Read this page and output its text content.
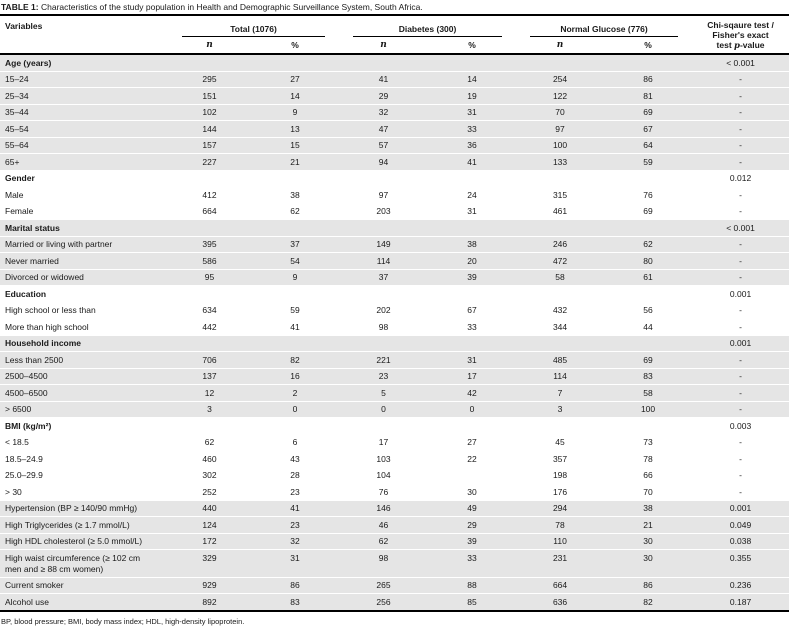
TABLE 1: Characteristics of the study population in Health and Demographic Surveillance System, South Africa.
Variables	Total (1076)		Diabetes (300)		Normal Glucose (776)		Chi-sqaure test /
Fisher's exact
test p-value
	n	%	n	%	n	%	
Age (years)							< 0.001
15–24	295	27	41	14	254	86	-
25–34	151	14	29	19	122	81	-
35–44	102	9	32	31	70	69	-
45–54	144	13	47	33	97	67	-
55–64	157	15	57	36	100	64	-
65+	227	21	94	41	133	59	-
Gender							0.012
Male	412	38	97	24	315	76	-
Female	664	62	203	31	461	69	-
Marital status							< 0.001
Married or living with partner	395	37	149	38	246	62	-
Never married	586	54	114	20	472	80	-
Divorced or widowed	95	9	37	39	58	61	-
Education							0.001
High school or less than	634	59	202	67	432	56	-
More than high school	442	41	98	33	344	44	-
Household income							0.001
Less than 2500	706	82	221	31	485	69	-
2500–4500	137	16	23	17	114	83	-
4500–6500	12	2	5	42	7	58	-
> 6500	3	0	0	0	3	100	-
BMI (kg/m²)							0.003
< 18.5	62	6	17	27	45	73	-
18.5–24.9	460	43	103	22	357	78	-
25.0–29.9	302	28	104		198	66	-
> 30	252	23	76	30	176	70	-
Hypertension (BP ≥ 140/90 mmHg)	440	41	146	49	294	38	0.001
High Triglycerides (≥ 1.7 mmol/L)	124	23	46	29	78	21	0.049
High HDL cholesterol (≥ 5.0 mmol/L)	172	32	62	39	110	30	0.038
High waist circumference (≥ 102 cm men and ≥ 88 cm women)	329	31	98	33	231	30	0.355
Current smoker	929	86	265	88	664	86	0.236
Alcohol use	892	83	256	85	636	82	0.187
BP, blood pressure; BMI, body mass index; HDL, high-density lipoprotein.
